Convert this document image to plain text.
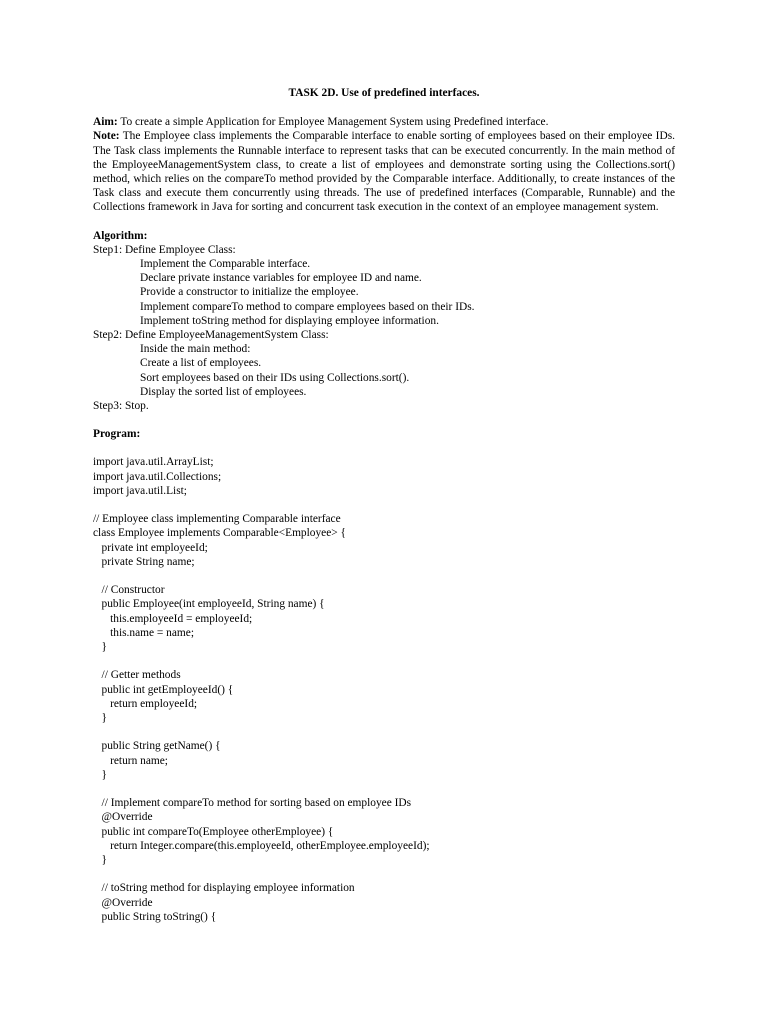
TASK 2D. Use of predefined interfaces.

Aim: To create a simple Application for Employee Management System using Predefined interface.

Note: The Employee class implements the Comparable interface to enable sorting of employees based on their employee IDs. The Task class implements the Runnable interface to represent tasks that can be executed concurrently. In the main method of the EmployeeManagementSystem class, to create a list of employees and demonstrate sorting using the Collections.sort() method, which relies on the compareTo method provided by the Comparable interface. Additionally, to create instances of the Task class and execute them concurrently using threads. The use of predefined interfaces (Comparable, Runnable) and the Collections framework in Java for sorting and concurrent task execution in the context of an employee management system.

Algorithm:

Step1: Define Employee Class:

Implement the Comparable interface.

Declare private instance variables for employee ID and name.

Provide a constructor to initialize the employee.

Implement compareTo method to compare employees based on their IDs.

Implement toString method for displaying employee information.

Step2: Define EmployeeManagementSystem Class:

Inside the main method:

Create a list of employees.

Sort employees based on their IDs using Collections.sort().

Display the sorted list of employees.

Step3: Stop.

Program:

import java.util.ArrayList;

import java.util.Collections;

import java.util.List;

// Employee class implementing Comparable interface

class Employee implements Comparable<Employee> {

private int employeeId;

private String name;

// Constructor

public Employee(int employeeId, String name) {

this.employeeId = employeeId;

this.name = name;

}

// Getter methods

public int getEmployeeId() {

return employeeId;

}

public String getName() {

return name;

}

// Implement compareTo method for sorting based on employee IDs

@Override

public int compareTo(Employee otherEmployee) {

return Integer.compare(this.employeeId, otherEmployee.employeeId);

}

// toString method for displaying employee information

@Override

public String toString() {
